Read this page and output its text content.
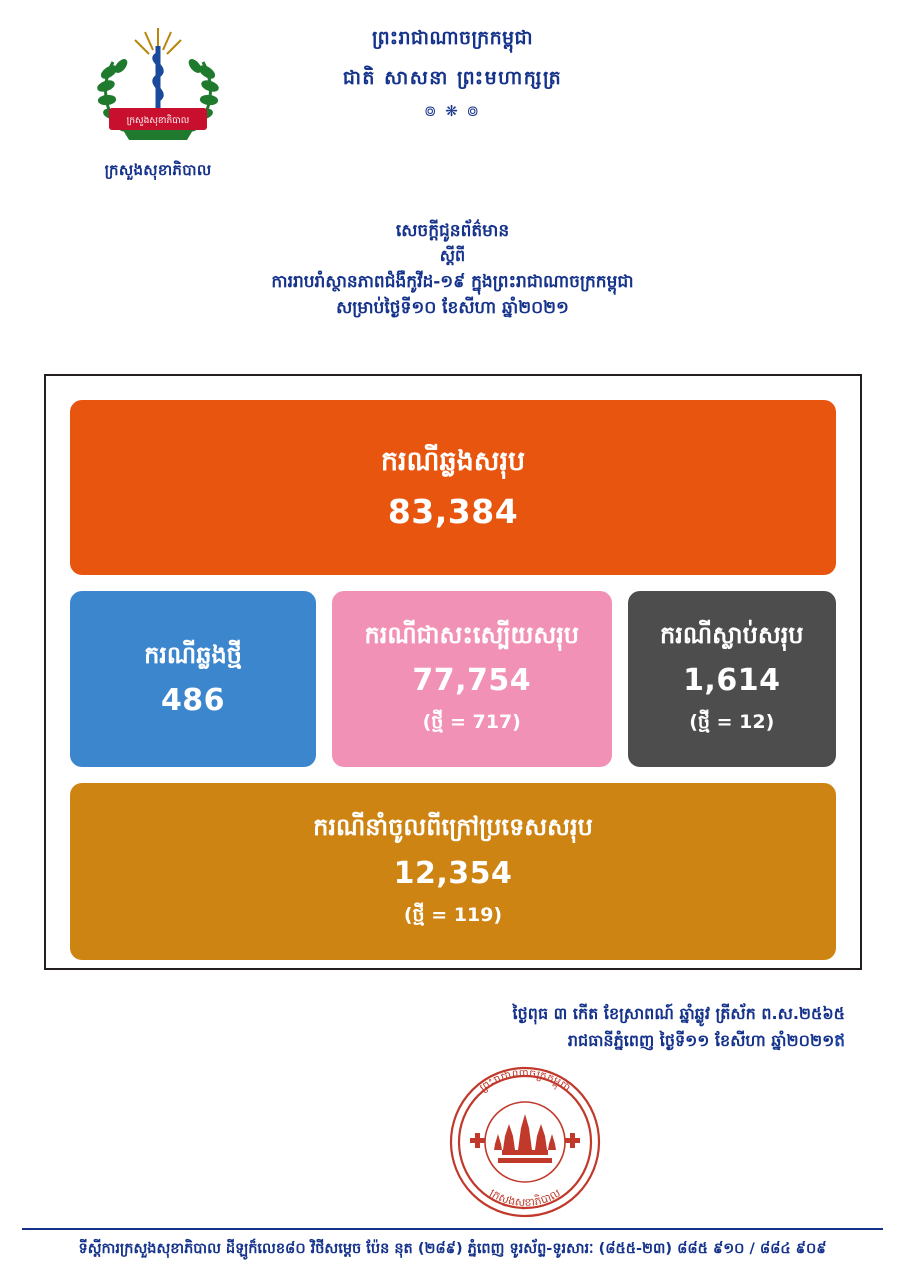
ក្រសួងសុខាភិបាល
ក្រសួងសុខាភិបាល
ព្រះរាជាណាចក្រកម្ពុជា
ជាតិ សាសនា ព្រះមហាក្សត្រ
៙ ❋ ៙
សេចក្តីជូនព័ត៌មាន
ស្តីពី
ការរាបរាំស្ថានភាពជំងឺកូវីដ-១៩ ក្នុងព្រះរាជាណាចក្រកម្ពុជា
សម្រាប់ថ្ងៃទី១០ ខែសីហា ឆ្នាំ២០២១
ករណីឆ្លងសរុប
83,384
ករណីឆ្លងថ្មី
486
ករណីជាសះស្បើយសរុប
77,754
(ថ្មី = 717)
ករណីស្លាប់សរុប
1,614
(ថ្មី = 12)
ករណីនាំចូលពីក្រៅប្រទេសសរុប
12,354
(ថ្មី = 119)
ថ្ងៃពុធ ៣ កើត ខែស្រាពណ៍ ឆ្នាំឆ្លូវ ត្រីស័ក ព.ស.២៥៦៥
រាជធានីភ្នំពេញ ថ្ងៃទី១១ ខែសីហា ឆ្នាំ២០២១ឥ
ព្រះរាជាណាចក្រកម្ពុជា
ក្រសួងសុខាភិបាល
ទីស្តីការក្រសួងសុខាភិបាល ដីឡូក៏លេខ៨០ វិថីសម្តេច ប៉ែន នុត (២៨៩) ភ្នំពេញ ទូរស័ព្ទ-ទូរសារៈ (៨៥៥-២៣) ៨៨៥ ៩១០ / ៨៨៤ ៩០៩
